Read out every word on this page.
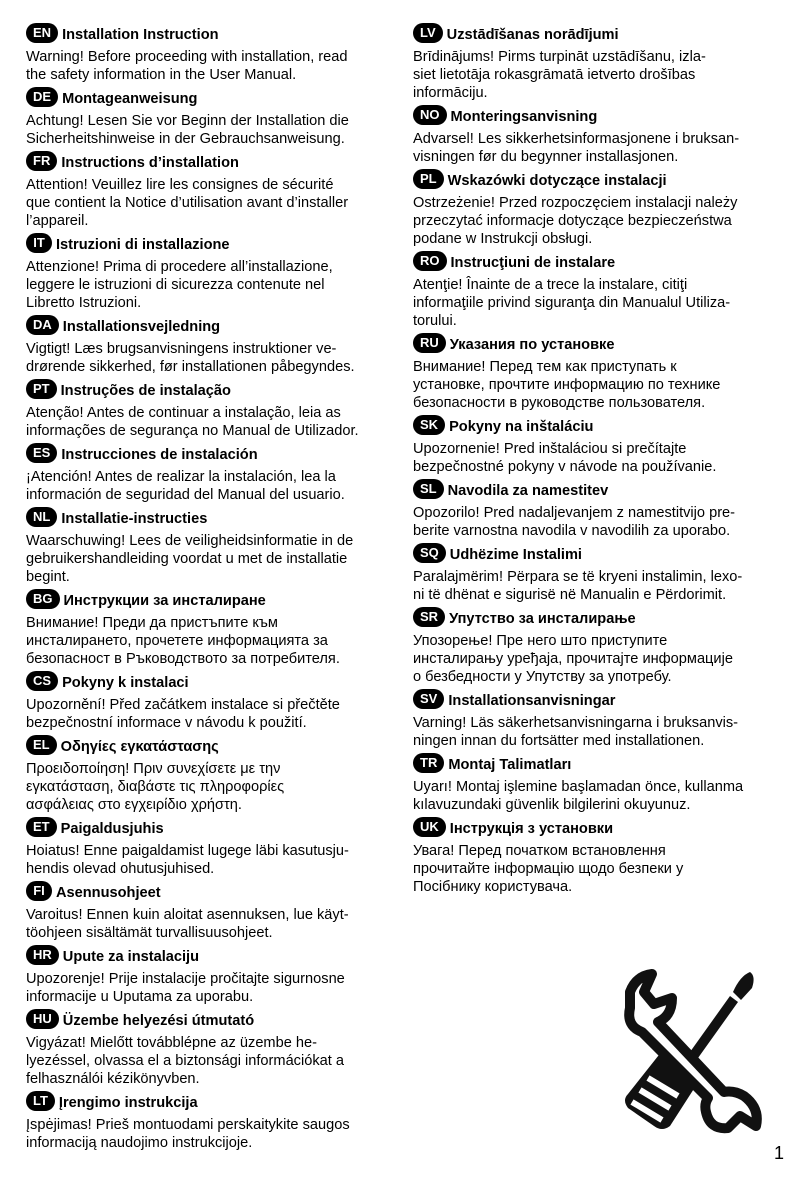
EN Installation Instruction
Warning! Before proceeding with installation, read
the safety information in the User Manual.
DE Montageanweisung
Achtung! Lesen Sie vor Beginn der Installation die
Sicherheitshinweise in der Gebrauchsanweisung.
FR Instructions d’installation
Attention! Veuillez lire les consignes de sécurité
que contient la Notice d’utilisation avant d’installer
l’appareil.
IT Istruzioni di installazione
Attenzione! Prima di procedere all’installazione,
leggere le istruzioni di sicurezza contenute nel
Libretto Istruzioni.
DA Installationsvejledning
Vigtigt! Læs brugsanvisningens instruktioner ve-
drørende sikkerhed, før installationen påbegyndes.
PT Instruções de instalação
Atenção! Antes de continuar a instalação, leia as
informações de segurança no Manual de Utilizador.
ES Instrucciones de instalación
¡Atención! Antes de realizar la instalación, lea la
información de seguridad del Manual del usuario.
NL Installatie-instructies
Waarschuwing! Lees de veiligheidsinformatie in de
gebruikershandleiding voordat u met de installatie
begint.
BG Инструкции за инсталиране
Внимание! Преди да пристъпите към
инсталирането, прочетете информацията за
безопасност в Ръководството за потребителя.
CS Pokyny k instalaci
Upozornění! Před začátkem instalace si přečtěte
bezpečnostní informace v návodu k použití.
EL Οδηγίες εγκατάστασης
Προειδοποίηση! Πριν συνεχίσετε με την
εγκατάσταση, διαβάστε τις πληροφορίες
ασφάλειας στο εγχειρίδιο χρήστη.
ET Paigaldusjuhis
Hoiatus! Enne paigaldamist lugege läbi kasutusju-
hendis olevad ohutusjuhised.
FI Asennusohjeet
Varoitus! Ennen kuin aloitat asennuksen, lue käyt-
töohjeen sisältämät turvallisuusohjeet.
HR Upute za instalaciju
Upozorenje! Prije instalacije pročitajte sigurnosne
informacije u Uputama za uporabu.
HU Üzembe helyezési útmutató
Vigyázat! Mielőtt továbblépne az üzembe he-
lyezéssel, olvassa el a biztonsági információkat a
felhasználói kézikönyvben.
LT Įrengimo instrukcija
Įspėjimas! Prieš montuodami perskaitykite saugos
informaciją naudojimo instrukcijoje.
LV Uzstādīšanas norādījumi
Brīdinājums! Pirms turpināt uzstādīšanu, izla-
siet lietotāja rokasgrāmatā ietverto drošības
informāciju.
NO Monteringsanvisning
Advarsel! Les sikkerhetsinformasjonene i bruksan-
visningen før du begynner installasjonen.
PL Wskazówki dotyczące instalacji
Ostrzeżenie! Przed rozpoczęciem instalacji należy
przeczytać informacje dotyczące bezpieczeństwa
podane w Instrukcji obsługi.
RO Instrucţiuni de instalare
Atenţie! Înainte de a trece la instalare, citiţi
informaţiile privind siguranţa din Manualul Utiliza-
torului.
RU Указания по установке
Внимание! Перед тем как приступать к
установке, прочтите информацию по технике
безопасности в руководстве пользователя.
SK Pokyny na inštaláciu
Upozornenie! Pred inštaláciou si prečítajte
bezpečnostné pokyny v návode na používanie.
SL Navodila za namestitev
Opozorilo! Pred nadaljevanjem z namestitvijo pre-
berite varnostna navodila v navodilih za uporabo.
SQ Udhëzime Instalimi
Paralajmërim! Përpara se të kryeni instalimin, lexo-
ni të dhënat e sigurisë në Manualin e Përdorimit.
SR Упутство за инсталирање
Упозорење! Пре него што приступите
инсталирању уређаја, прочитајте информације
о безбедности у Упутству за употребу.
SV Installationsanvisningar
Varning! Läs säkerhetsanvisningarna i bruksanvis-
ningen innan du fortsätter med installationen.
TR Montaj Talimatları
Uyarı! Montaj işlemine başlamadan önce, kullanma
kılavuzundaki güvenlik bilgilerini okuyunuz.
UK Інструкція з установки
Увага! Перед початком встановлення
прочитайте інформацію щодо безпеки у
Посібнику користувача.
1
